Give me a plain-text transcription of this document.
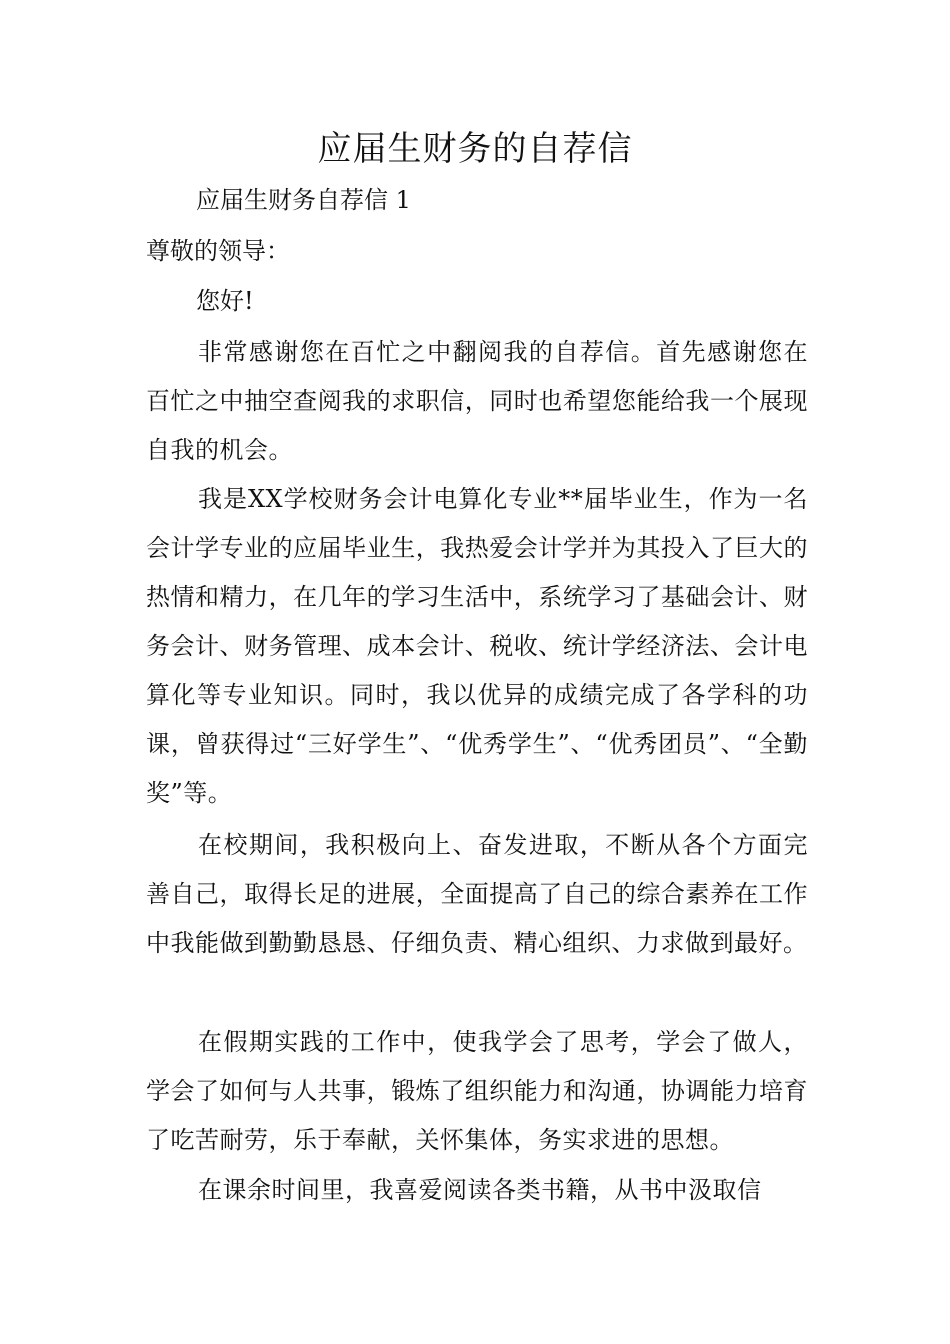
应届生财务的自荐信
应届生财务自荐信 1
尊敬的领导：
您好!

非常感谢您在百忙之中翻阅我的自荐信。首先感谢您在百忙之中抽空查阅我的求职信，同时也希望您能给我一个展现自我的机会。

我是XX学校财务会计电算化专业**届毕业生，作为一名会计学专业的应届毕业生，我热爱会计学并为其投入了巨大的热情和精力，在几年的学习生活中，系统学习了基础会计、财务会计、财务管理、成本会计、税收、统计学经济法、会计电算化等专业知识。同时，我以优异的成绩完成了各学科的功课，曾获得过“三好学生”、“优秀学生”、“优秀团员”、“全勤奖”等。

在校期间，我积极向上、奋发进取，不断从各个方面完善自己，取得长足的进展，全面提高了自己的综合素养在工作中我能做到勤勤恳恳、仔细负责、精心组织、力求做到最好。

在假期实践的工作中，使我学会了思考，学会了做人，学会了如何与人共事，锻炼了组织能力和沟通，协调能力培育了吃苦耐劳，乐于奉献，关怀集体，务实求进的思想。

在课余时间里，我喜爱阅读各类书籍，从书中汲取信
